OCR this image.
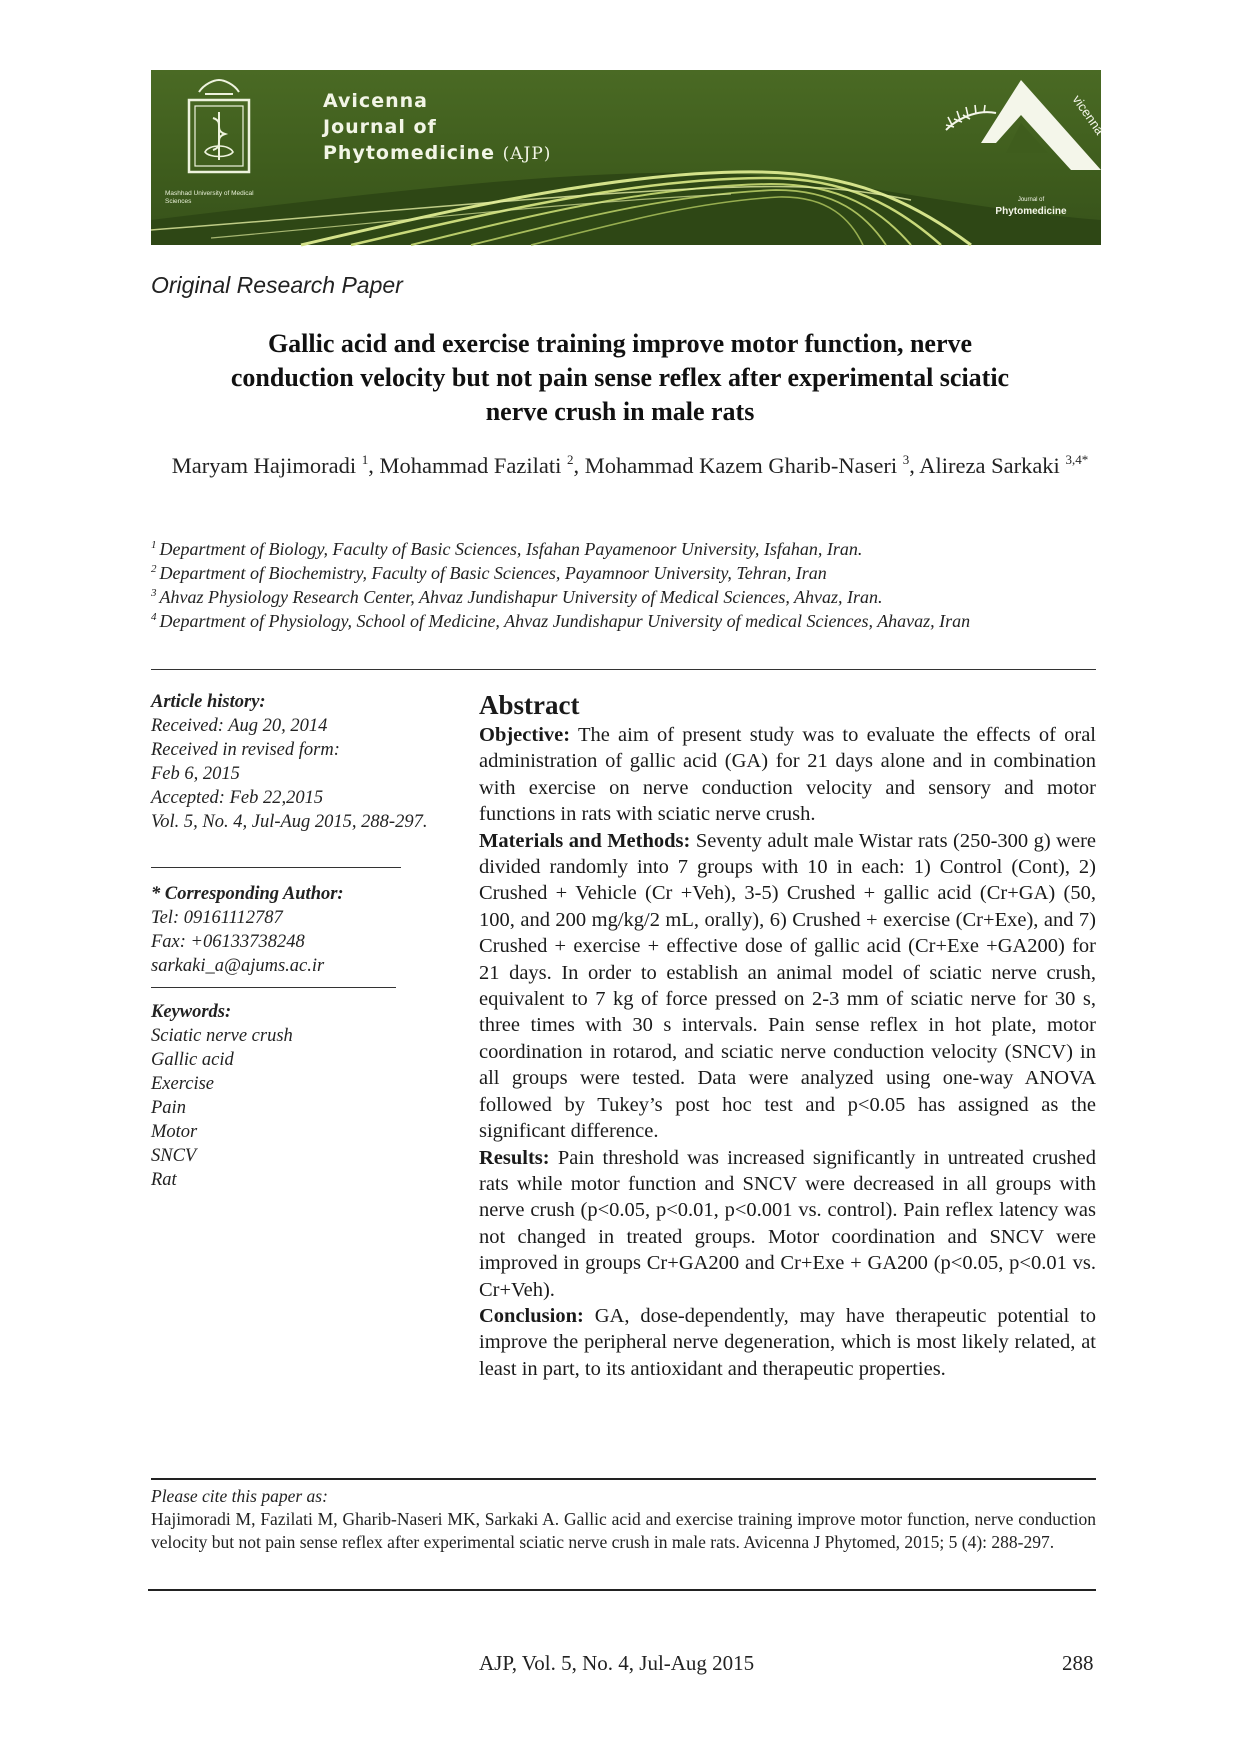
Mashhad University of Medical Sciences
Avicenna
Journal of
Phytomedicine (AJP)
vicenna
Journal of
Phytomedicine
Original Research Paper
Gallic acid and exercise training improve motor function, nerve
conduction velocity but not pain sense reflex after experimental sciatic
nerve crush in male rats
Maryam Hajimoradi $^1$, Mohammad Fazilati $^2$, Mohammad Kazem Gharib-Naseri $^3$, Alireza Sarkaki $^{3,4*}$
$^1$ Department of Biology, Faculty of Basic Sciences, Isfahan Payamenoor University, Isfahan, Iran.
$^2$ Department of Biochemistry, Faculty of Basic Sciences, Payamnoor University, Tehran, Iran
$^3$ Ahvaz Physiology Research Center, Ahvaz Jundishapur University of Medical Sciences, Ahvaz, Iran.
$^4$ Department of Physiology, School of Medicine, Ahvaz Jundishapur University of medical Sciences, Ahavaz, Iran
Article history:
Received: Aug 20, 2014
Received in revised form:
Feb 6, 2015
Accepted: Feb 22,2015
Vol. 5, No. 4, Jul-Aug 2015, 288-297.
* Corresponding Author:
Tel: 09161112787
Fax: +06133738248
sarkaki_a@ajums.ac.ir
Keywords:
Sciatic nerve crush
Gallic acid
Exercise
Pain
Motor
SNCV
Rat
Abstract

Objective: The aim of present study was to evaluate the effects of oral administration of gallic acid (GA) for 21 days alone and in combination with exercise on nerve conduction velocity and sensory and motor functions in rats with sciatic nerve crush.

Materials and Methods: Seventy adult male Wistar rats (250-300 g) were divided randomly into 7 groups with 10 in each: 1) Control (Cont), 2) Crushed + Vehicle (Cr +Veh), 3-5) Crushed + gallic acid (Cr+GA) (50, 100, and 200 mg/kg/2 mL, orally), 6) Crushed + exercise (Cr+Exe), and 7) Crushed + exercise + effective dose of gallic acid (Cr+Exe +GA200) for 21 days. In order to establish an animal model of sciatic nerve crush, equivalent to 7 kg of force pressed on 2-3 mm of sciatic nerve for 30 s, three times with 30 s intervals. Pain sense reflex in hot plate, motor coordination in rotarod, and sciatic nerve conduction velocity (SNCV) in all groups were tested. Data were analyzed using one-way ANOVA followed by Tukey’s post hoc test and p<0.05 has assigned as the significant difference.

Results: Pain threshold was increased significantly in untreated crushed rats while motor function and SNCV were decreased in all groups with nerve crush (p<0.05, p<0.01, p<0.001 vs. control). Pain reflex latency was not changed in treated groups. Motor coordination and SNCV were improved in groups Cr+GA200 and Cr+Exe + GA200 (p<0.05, p<0.01 vs. Cr+Veh).

Conclusion: GA, dose-dependently, may have therapeutic potential to improve the peripheral nerve degeneration, which is most likely related, at least in part, to its antioxidant and therapeutic properties.

Please cite this paper as:
Hajimoradi M, Fazilati M, Gharib-Naseri MK, Sarkaki A. Gallic acid and exercise training improve motor function, nerve conduction velocity but not pain sense reflex after experimental sciatic nerve crush in male rats. Avicenna J Phytomed, 2015; 5 (4): 288-297.
AJP, Vol. 5, No. 4, Jul-Aug 2015	288
